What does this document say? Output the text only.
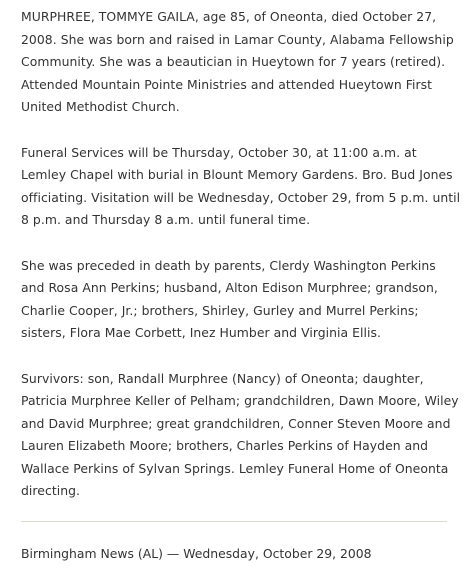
MURPHREE, TOMMYE GAILA, age 85, of Oneonta, died October 27, 2008. She was born and raised in Lamar County, Alabama Fellowship Community. She was a beautician in Hueytown for 7 years (retired). Attended Mountain Pointe Ministries and attended Hueytown First United Methodist Church.

Funeral Services will be Thursday, October 30, at 11:00 a.m. at Lemley Chapel with burial in Blount Memory Gardens. Bro. Bud Jones officiating. Visitation will be Wednesday, October 29, from 5 p.m. until 8 p.m. and Thursday 8 a.m. until funeral time.

She was preceded in death by parents, Clerdy Washington Perkins and Rosa Ann Perkins; husband, Alton Edison Murphree; grandson, Charlie Cooper, Jr.; brothers, Shirley, Gurley and Murrel Perkins; sisters, Flora Mae Corbett, Inez Humber and Virginia Ellis.

Survivors: son, Randall Murphree (Nancy) of Oneonta; daughter, Patricia Murphree Keller of Pelham; grandchildren, Dawn Moore, Wiley and David Murphree; great grandchildren, Conner Steven Moore and Lauren Elizabeth Moore; brothers, Charles Perkins of Hayden and Wallace Perkins of Sylvan Springs. Lemley Funeral Home of Oneonta directing.

Birmingham News (AL) — Wednesday, October 29, 2008
